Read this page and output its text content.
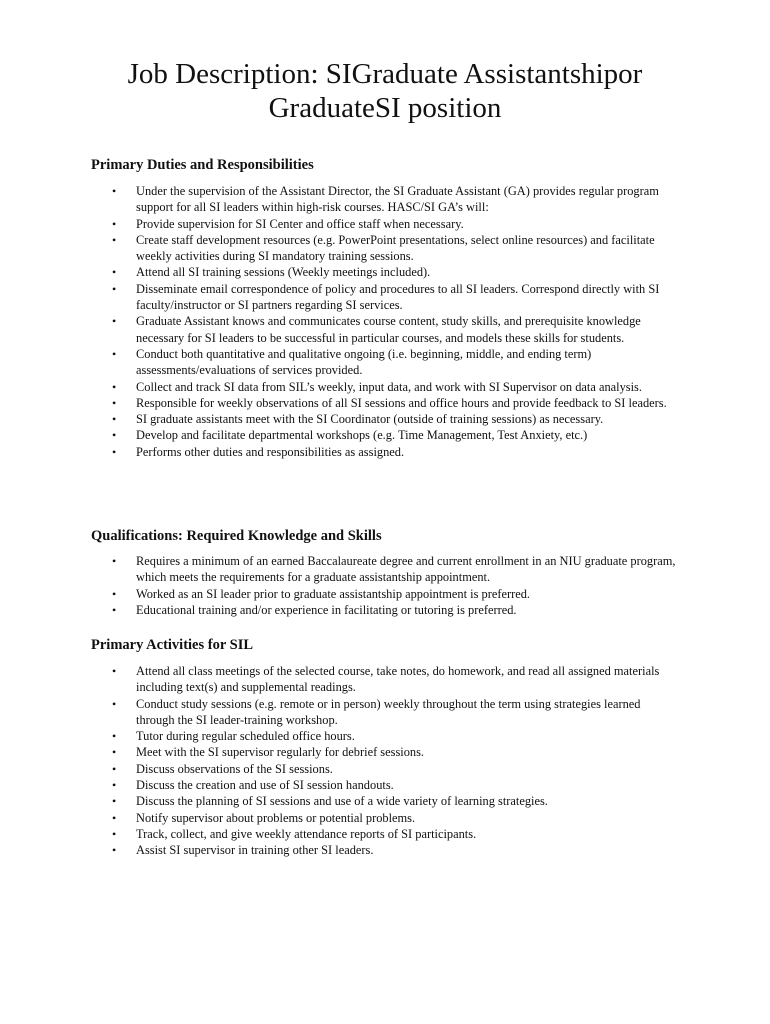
Job Description: SIGraduate Assistantshipor
GraduateSI position
Primary Duties and Responsibilities
• Under the supervision of the Assistant Director, the SI Graduate Assistant (GA) provides regular program support for all SI leaders within high-risk courses. HASC/SI GA’s will:
• Provide supervision for SI Center and office staff when necessary.
• Create staff development resources (e.g. PowerPoint presentations, select online resources) and facilitate weekly activities during SI mandatory training sessions.
• Attend all SI training sessions (Weekly meetings included).
• Disseminate email correspondence of policy and procedures to all SI leaders. Correspond directly with SI faculty/instructor or SI partners regarding SI services.
• Graduate Assistant knows and communicates course content, study skills, and prerequisite knowledge necessary for SI leaders to be successful in particular courses, and models these skills for students.
• Conduct both quantitative and qualitative ongoing (i.e. beginning, middle, and ending term) assessments/evaluations of services provided.
• Collect and track SI data from SIL’s weekly, input data, and work with SI Supervisor on data analysis.
• Responsible for weekly observations of all SI sessions and office hours and provide feedback to SI leaders.
• SI graduate assistants meet with the SI Coordinator (outside of training sessions) as necessary.
• Develop and facilitate departmental workshops (e.g. Time Management, Test Anxiety, etc.)
• Performs other duties and responsibilities as assigned.
Qualifications: Required Knowledge and Skills
• Requires a minimum of an earned Baccalaureate degree and current enrollment in an NIU graduate program, which meets the requirements for a graduate assistantship appointment.
• Worked as an SI leader prior to graduate assistantship appointment is preferred.
• Educational training and/or experience in facilitating or tutoring is preferred.
Primary Activities for SIL
• Attend all class meetings of the selected course, take notes, do homework, and read all assigned materials including text(s) and supplemental readings.
• Conduct study sessions (e.g. remote or in person) weekly throughout the term using strategies learned through the SI leader-training workshop.
• Tutor during regular scheduled office hours.
• Meet with the SI supervisor regularly for debrief sessions.
• Discuss observations of the SI sessions.
• Discuss the creation and use of SI session handouts.
• Discuss the planning of SI sessions and use of a wide variety of learning strategies.
• Notify supervisor about problems or potential problems.
• Track, collect, and give weekly attendance reports of SI participants.
• Assist SI supervisor in training other SI leaders.
